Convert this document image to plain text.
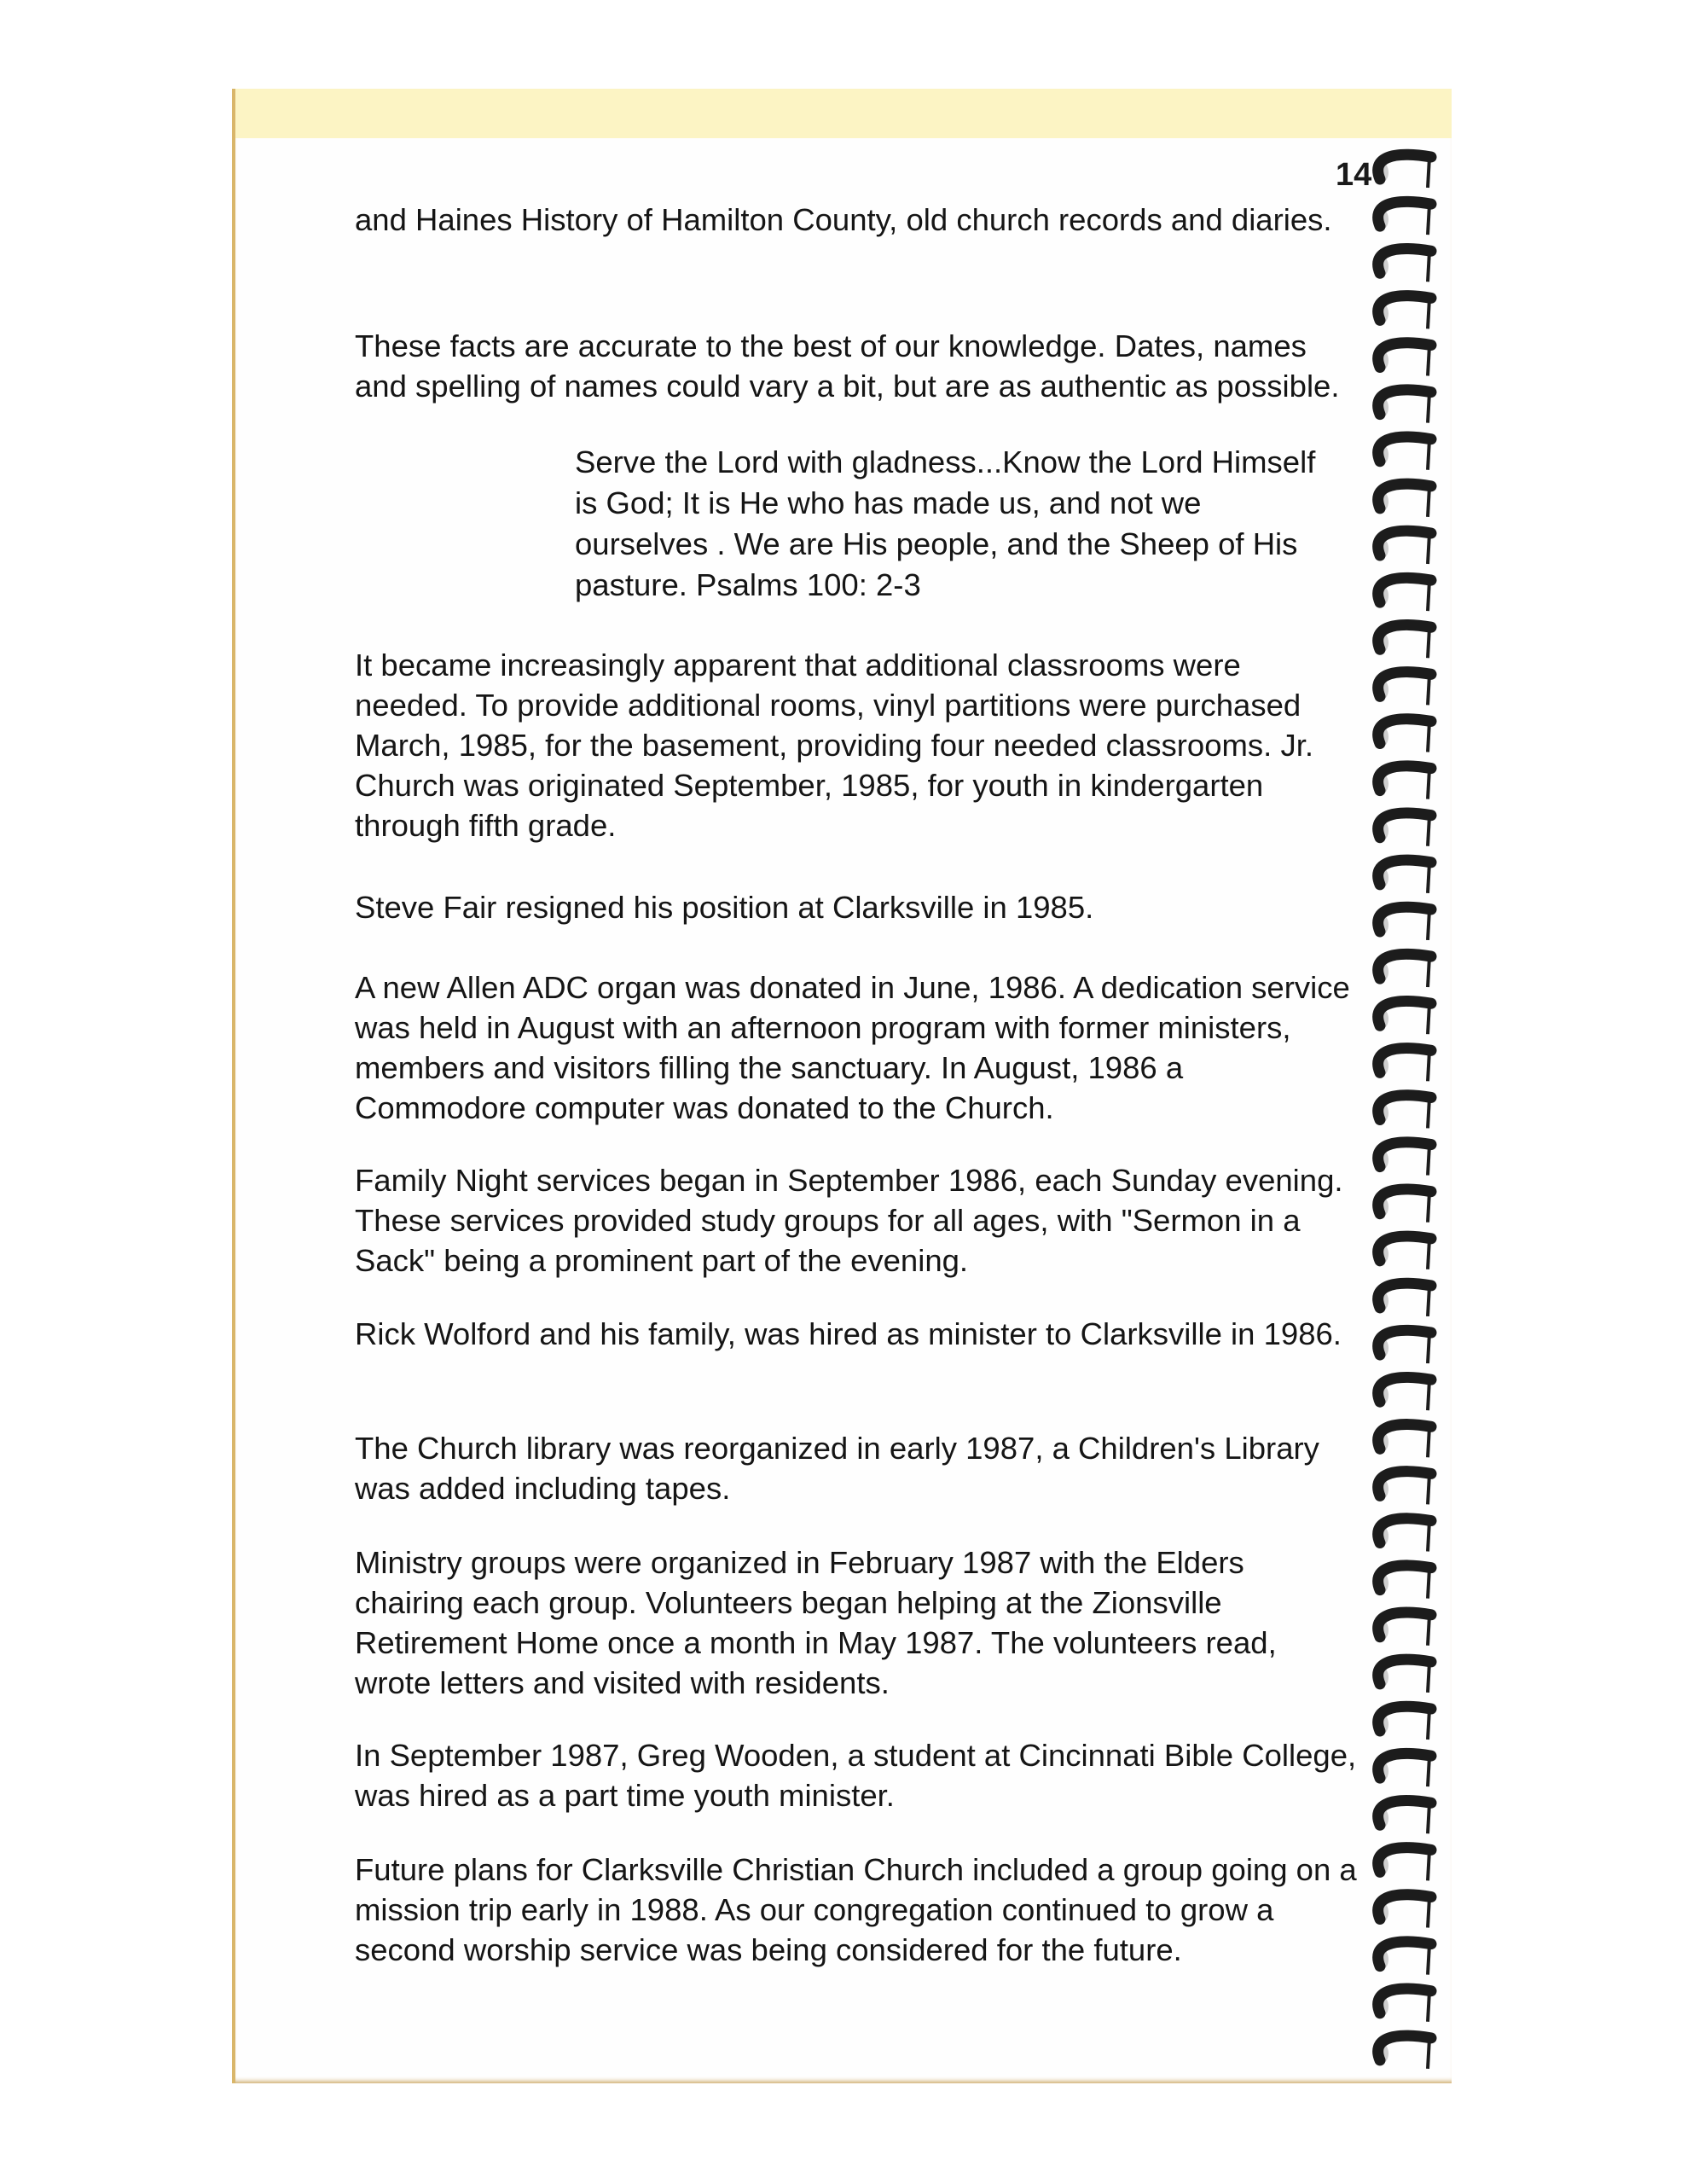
14

and Haines History of Hamilton County, old church records and diaries.

These facts are accurate to the best of our knowledge. Dates, names and spelling of names could vary a bit, but are as authentic as possible.

Serve the Lord with gladness...Know the Lord Himself is God; It is He who has made us, and not we ourselves . We are His people, and the Sheep of His pasture. Psalms 100: 2-3

It became increasingly apparent that additional classrooms were needed. To provide additional rooms, vinyl partitions were purchased March, 1985, for the basement, providing four needed classrooms. Jr. Church was originated September, 1985, for youth in kindergarten through fifth grade.

Steve Fair resigned his position at Clarksville in 1985.

A new Allen ADC organ was donated in June, 1986. A dedication service was held in August with an afternoon program with former ministers, members and visitors filling the sanctuary. In August, 1986 a Commodore computer was donated to the Church.

Family Night services began in September 1986, each Sunday evening. These services provided study groups for all ages, with "Sermon in a Sack" being a prominent part of the evening.

Rick Wolford and his family, was hired as minister to Clarksville in 1986.

The Church library was reorganized in early 1987, a Children's Library was added including tapes.

Ministry groups were organized in February 1987 with the Elders chairing each group. Volunteers began helping at the Zionsville Retirement Home once a month in May 1987. The volunteers read, wrote letters and visited with residents.

In September 1987, Greg Wooden, a student at Cincinnati Bible College, was hired as a part time youth minister.

Future plans for Clarksville Christian Church included a group going on a mission trip early in 1988. As our congregation continued to grow a second worship service was being considered for the future.
